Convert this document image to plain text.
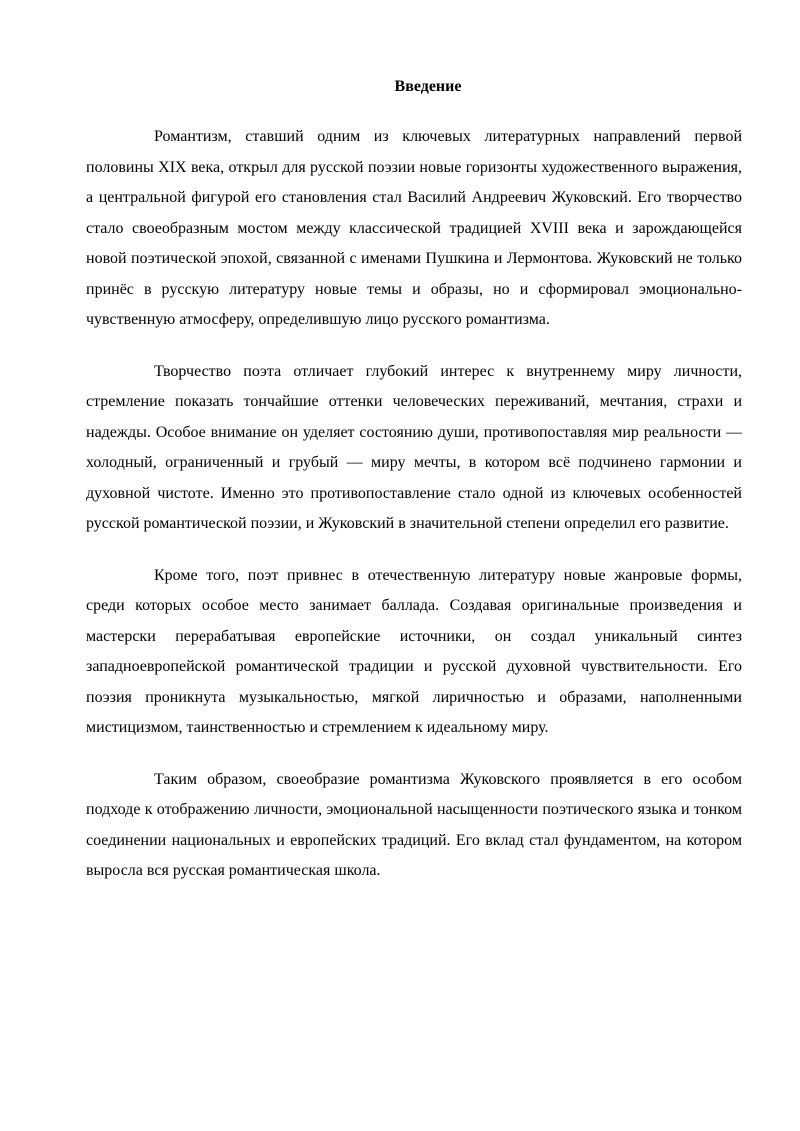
Введение

Романтизм, ставший одним из ключевых литературных направлений первой половины XIX века, открыл для русской поэзии новые горизонты художественного выражения, а центральной фигурой его становления стал Василий Андреевич Жуковский. Его творчество стало своеобразным мостом между классической традицией XVIII века и зарождающейся новой поэтической эпохой, связанной с именами Пушкина и Лермонтова. Жуковский не только принёс в русскую литературу новые темы и образы, но и сформировал эмоционально-чувственную атмосферу, определившую лицо русского романтизма.

Творчество поэта отличает глубокий интерес к внутреннему миру личности, стремление показать тончайшие оттенки человеческих переживаний, мечтания, страхи и надежды. Особое внимание он уделяет состоянию души, противопоставляя мир реальности — холодный, ограниченный и грубый — миру мечты, в котором всё подчинено гармонии и духовной чистоте. Именно это противопоставление стало одной из ключевых особенностей русской романтической поэзии, и Жуковский в значительной степени определил его развитие.

Кроме того, поэт привнес в отечественную литературу новые жанровые формы, среди которых особое место занимает баллада. Создавая оригинальные произведения и мастерски перерабатывая европейские источники, он создал уникальный синтез западноевропейской романтической традиции и русской духовной чувствительности. Его поэзия проникнута музыкальностью, мягкой лиричностью и образами, наполненными мистицизмом, таинственностью и стремлением к идеальному миру.

Таким образом, своеобразие романтизма Жуковского проявляется в его особом подходе к отображению личности, эмоциональной насыщенности поэтического языка и тонком соединении национальных и европейских традиций. Его вклад стал фундаментом, на котором выросла вся русская романтическая школа.
